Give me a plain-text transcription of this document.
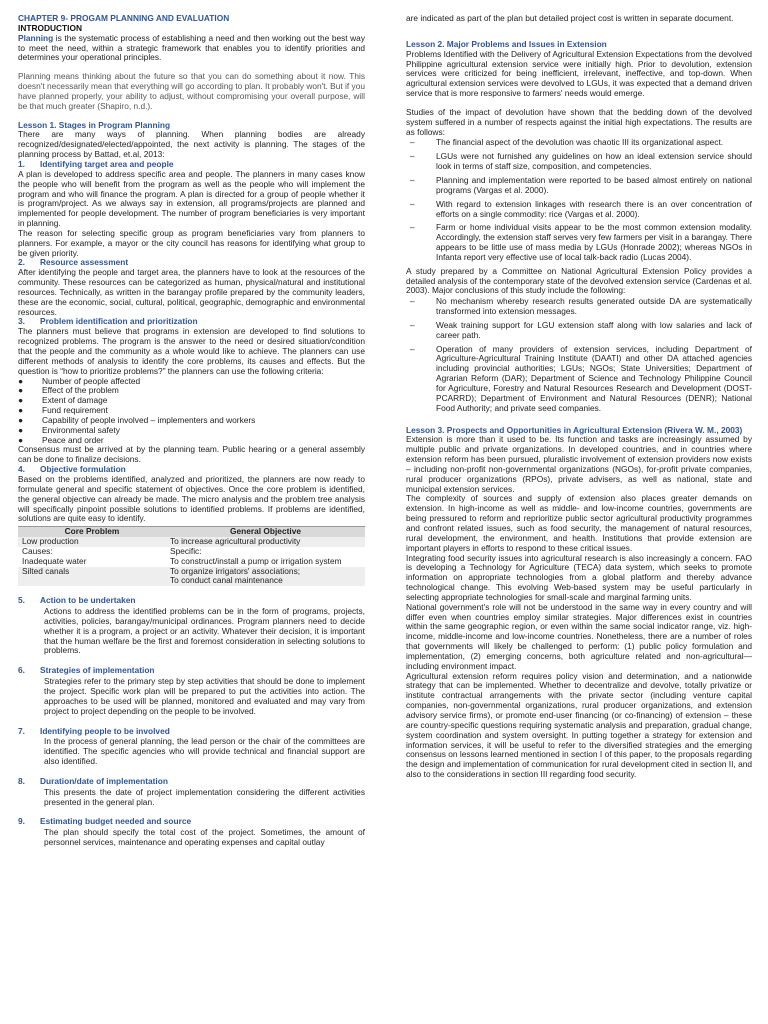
CHAPTER 9- PROGAM PLANNING AND EVALUATION
INTRODUCTION

Planning is the systematic process of establishing a need and then working out the best way to meet the need, within a strategic framework that enables you to identify priorities and determines your operational principles.

Planning means thinking about the future so that you can do something about it now. This doesn't necessarily mean that everything will go according to plan. It probably won't. But if you have planned properly, your ability to adjust, without compromising your overall purpose, will be that much greater (Shapiro, n.d.).

Lesson 1. Stages in Program Planning

There are many ways of planning. When planning bodies are already recognized/designated/elected/appointed, the next activity is planning. The stages of the planning process by Battad, et.al, 2013:

1.	Identifying target area and people

A plan is developed to address specific area and people. The planners in many cases know the people who will benefit from the program as well as the people who will implement the program and who will finance the program. A plan is directed for a group of people whether it is program/project. As we always say in extension, all programs/projects are planned and implemented for people development. The number of program beneficiaries is very important in planning.

The reason for selecting specific group as program beneficiaries vary from planners to planners. For example, a mayor or the city council has reasons for identifying what group to be given priority.

2.	Resource assessment

After identifying the people and target area, the planners have to look at the resources of the community. These resources can be categorized as human, physical/natural and institutional resources. Technically, as written in the barangay profile prepared by the community leaders, these are the economic, social, cultural, political, geographic, demographic and environmental resources.

3.	Problem identification and prioritization

The planners must believe that programs in extension are developed to find solutions to recognized problems. The program is the answer to the need or desired situation/condition that the people and the community as a whole would like to achieve. The planners can use different methods of analysis to identify the core problems, its causes and effects. But the question is “how to prioritize problems?” the planners can use the following criteria:

●	Number of people affected
●	Effect of the problem
●	Extent of damage
●	Fund requirement
●	Capability of people involved – implementers and workers
●	Environmental safety
●	Peace and order

Consensus must be arrived at by the planning team. Public hearing or a general assembly can be done to finalize decisions.

4.	Objective formulation

Based on the problems identified, analyzed and prioritized, the planners are now ready to formulate general and specific statement of objectives. Once the core problem is identified, the general objective can already be made. The micro analysis and the problem tree analysis will specifically pinpoint possible solutions to identified problems. If problems are identified, solutions are quite easy to identify.

Core Problem	General Objective
Low production	To increase agricultural productivity
Causes:	Specific:
Inadequate water	To construct/install a pump or irrigation system
Silted canals	To organize irrigators' associations;
To conduct canal maintenance
5.	Action to be undertaken

Actions to address the identified problems can be in the form of programs, projects, activities, policies, barangay/municipal ordinances. Program planners need to decide whether it is a program, a project or an activity. Whatever their decision, it is important that the human welfare be the first and foremost consideration in selecting solutions to problems.

6.	Strategies of implementation

Strategies refer to the primary step by step activities that should be done to implement the project. Specific work plan will be prepared to put the activities into action. The approaches to be used will be planned, monitored and evaluated and may vary from project to project depending on the people to be involved.

7.	Identifying people to be involved

In the process of general planning, the lead person or the chair of the committees are identified. The specific agencies who will provide technical and financial support are also identified.

8.	Duration/date of implementation

This presents the date of project implementation considering the different activities presented in the general plan.

9.	Estimating budget needed and source

The plan should specify the total cost of the project. Sometimes, the amount of personnel services, maintenance and operating expenses and capital outlay

are indicated as part of the plan but detailed project cost is written in separate document.

Lesson 2. Major Problems and Issues in Extension

Problems Identified with the Delivery of Agricultural Extension Expectations from the devolved Philippine agricultural extension service were initially high. Prior to devolution, extension services were criticized for being inefficient, irrelevant, ineffective, and top-down. When agricultural extension services were devolved to LGUs, it was expected that a demand driven service that is more responsive to farmers' needs would emerge.

Studies of the impact of devolution have shown that the bedding down of the devolved system suffered in a number of respects against the initial high expectations. The results are as follows:

–	The financial aspect of the devolution was chaotic III its organizational aspect.
–	LGUs were not furnished any guidelines on how an ideal extension service should look in terms of staff size, composition, and competencies.
–	Planning and implementation were reported to be based almost entirely on national programs (Vargas et al. 2000).
–	With regard to extension linkages with research there is an over concentration of efforts on a single commodity: rice (Vargas et al. 2000).
–	Farm or home individual visits appear to be the most common extension modality. Accordingly, the extension staff serves very few farmers per visit in a barangay. There appears to be little use of mass media by LGUs (Honrade 2002); whereas NGOs in Infanta report very effective use of local talk-back radio (Lucas 2004).

A study prepared by a Committee on National Agricultural Extension Policy provides a detailed analysis of the contemporary state of the devolved extension service (Cardenas et al. 2003). Major conclusions of this study include the following:

–	No mechanism whereby research results generated outside DA are systematically transformed into extension messages.
–	Weak training support for LGU extension staff along with low salaries and lack of career path.
–	Operation of many providers of extension services, including Department of Agriculture-Agricultural Training Institute (DAATI) and other DA attached agencies including provincial authorities; LGUs; NGOs; State Universities; Department of Agrarian Reform (DAR); Department of Science and Technology Philippine Council for Agriculture, Forestry and Natural Resources Research and Development (DOST-PCARRD); Department of Environment and Natural Resources (DENR); National Food Authority; and private seed companies.
Lesson 3. Prospects and Opportunities in Agricultural Extension (Rivera W. M., 2003)

Extension is more than it used to be. Its function and tasks are increasingly assumed by multiple public and private organizations. In developed countries, and in countries where extension reform has been pursued, pluralistic involvement of extension providers now exists – including non-profit non-governmental organizations (NGOs), for-profit private companies, rural producer organizations (RPOs), private advisers, as well as national, state and municipal extension services.

The complexity of sources and supply of extension also places greater demands on extension. In high-income as well as middle- and low-income countries, governments are being pressured to reform and reprioritize public sector agricultural productivity programmes and confront related issues, such as food security, the management of natural resources, rural development, the environment, and health. Institutions that provide extension are important players in efforts to respond to these critical issues.

Integrating food security issues into agricultural research is also increasingly a concern. FAO is developing a Technology for Agriculture (TECA) data system, which seeks to promote information on appropriate technologies from a global platform and thereby advance technological change. This evolving Web-based system may be useful particularly in selecting appropriate technologies for small-scale and marginal farming units.

National government's role will not be understood in the same way in every country and will differ even when countries employ similar strategies. Major differences exist in countries within the same geographic region, or even within the same social indicator range, viz. high-income, middle-income and low-income countries. Nonetheless, there are a number of roles that governments will likely be challenged to perform: (1) public policy formulation and implementation, (2) emerging concerns, both agriculture related and non-agricultural—including environment impact.

Agricultural extension reform requires policy vision and determination, and a nationwide strategy that can be implemented. Whether to decentralize and devolve, totally privatize or institute contractual arrangements with the private sector (including venture capital companies, non-governmental organizations, rural producer organizations, and extension advisory service firms), or promote end-user financing (or co-financing) of extension – these are country-specific questions requiring systematic analysis and preparation, gradual change, system coordination and system oversight. In putting together a strategy for extension and information services, it will be useful to refer to the diversified strategies and the emerging consensus on lessons learned mentioned in section I of this paper, to the proposals regarding the design and implementation of communication for rural development cited in section II, and also to the considerations in section III regarding food security.
